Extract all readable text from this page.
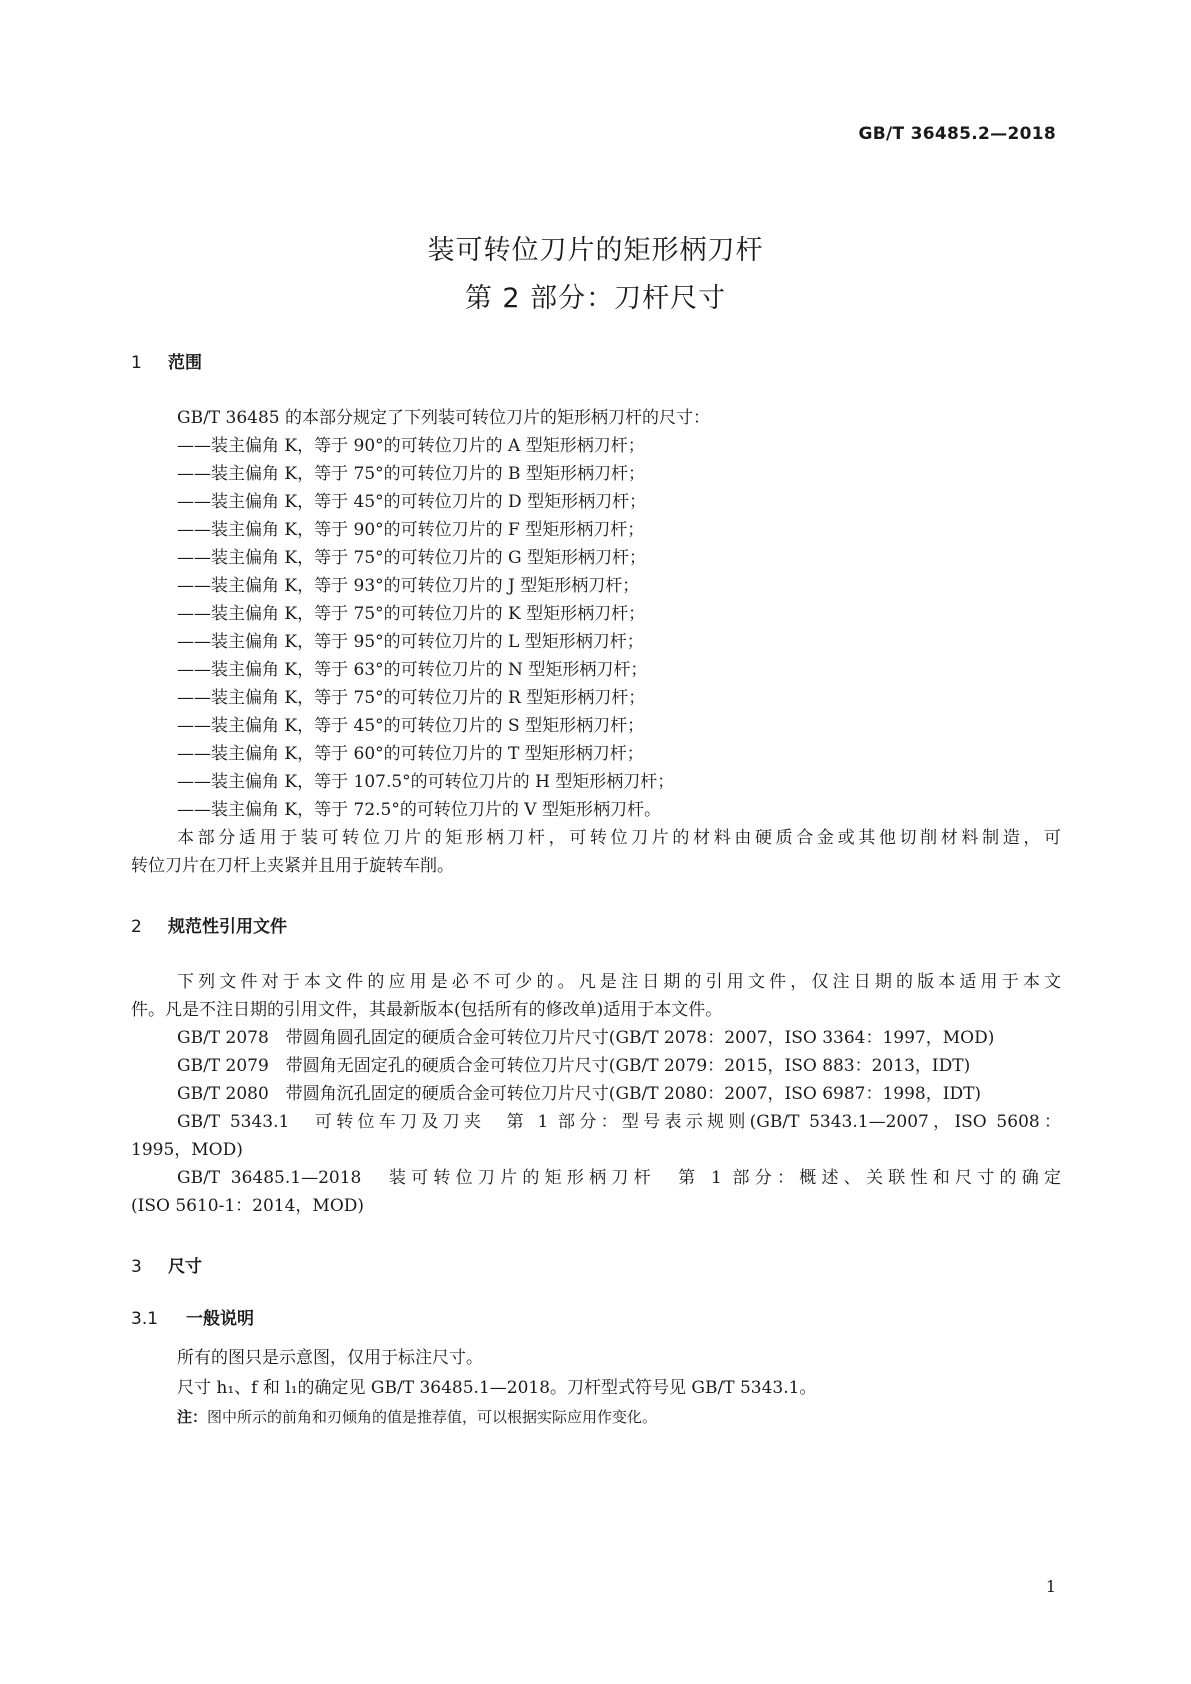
GB/T 36485.2—2018
装可转位刀片的矩形柄刀杆
第 2 部分：刀杆尺寸
1 范围
GB/T 36485 的本部分规定了下列装可转位刀片的矩形柄刀杆的尺寸：
——装主偏角 K，等于 90°的可转位刀片的 A 型矩形柄刀杆；
——装主偏角 K，等于 75°的可转位刀片的 B 型矩形柄刀杆；
——装主偏角 K，等于 45°的可转位刀片的 D 型矩形柄刀杆；
——装主偏角 K，等于 90°的可转位刀片的 F 型矩形柄刀杆；
——装主偏角 K，等于 75°的可转位刀片的 G 型矩形柄刀杆；
——装主偏角 K，等于 93°的可转位刀片的 J 型矩形柄刀杆；
——装主偏角 K，等于 75°的可转位刀片的 K 型矩形柄刀杆；
——装主偏角 K，等于 95°的可转位刀片的 L 型矩形柄刀杆；
——装主偏角 K，等于 63°的可转位刀片的 N 型矩形柄刀杆；
——装主偏角 K，等于 75°的可转位刀片的 R 型矩形柄刀杆；
——装主偏角 K，等于 45°的可转位刀片的 S 型矩形柄刀杆；
——装主偏角 K，等于 60°的可转位刀片的 T 型矩形柄刀杆；
——装主偏角 K，等于 107.5°的可转位刀片的 H 型矩形柄刀杆；
——装主偏角 K，等于 72.5°的可转位刀片的 V 型矩形柄刀杆。
本部分适用于装可转位刀片的矩形柄刀杆，可转位刀片的材料由硬质合金或其他切削材料制造，可
转位刀片在刀杆上夹紧并且用于旋转车削。
2 规范性引用文件
下列文件对于本文件的应用是必不可少的。凡是注日期的引用文件，仅注日期的版本适用于本文
件。凡是不注日期的引用文件，其最新版本(包括所有的修改单)适用于本文件。
GB/T 2078　带圆角圆孔固定的硬质合金可转位刀片尺寸(GB/T 2078：2007，ISO 3364：1997，MOD)
GB/T 2079　带圆角无固定孔的硬质合金可转位刀片尺寸(GB/T 2079：2015，ISO 883：2013，IDT)
GB/T 2080　带圆角沉孔固定的硬质合金可转位刀片尺寸(GB/T 2080：2007，ISO 6987：1998，IDT)
GB/T 5343.1　可转位车刀及刀夹　第 1 部分：型号表示规则(GB/T 5343.1—2007，ISO 5608：
1995，MOD)
GB/T 36485.1—2018　装可转位刀片的矩形柄刀杆　第 1 部分：概述、关联性和尺寸的确定
(ISO 5610-1：2014，MOD)
3 尺寸
3.1 一般说明
所有的图只是示意图，仅用于标注尺寸。
尺寸 h₁、f 和 l₁的确定见 GB/T 36485.1—2018。刀杆型式符号见 GB/T 5343.1。
注：图中所示的前角和刃倾角的值是推荐值，可以根据实际应用作变化。
1
